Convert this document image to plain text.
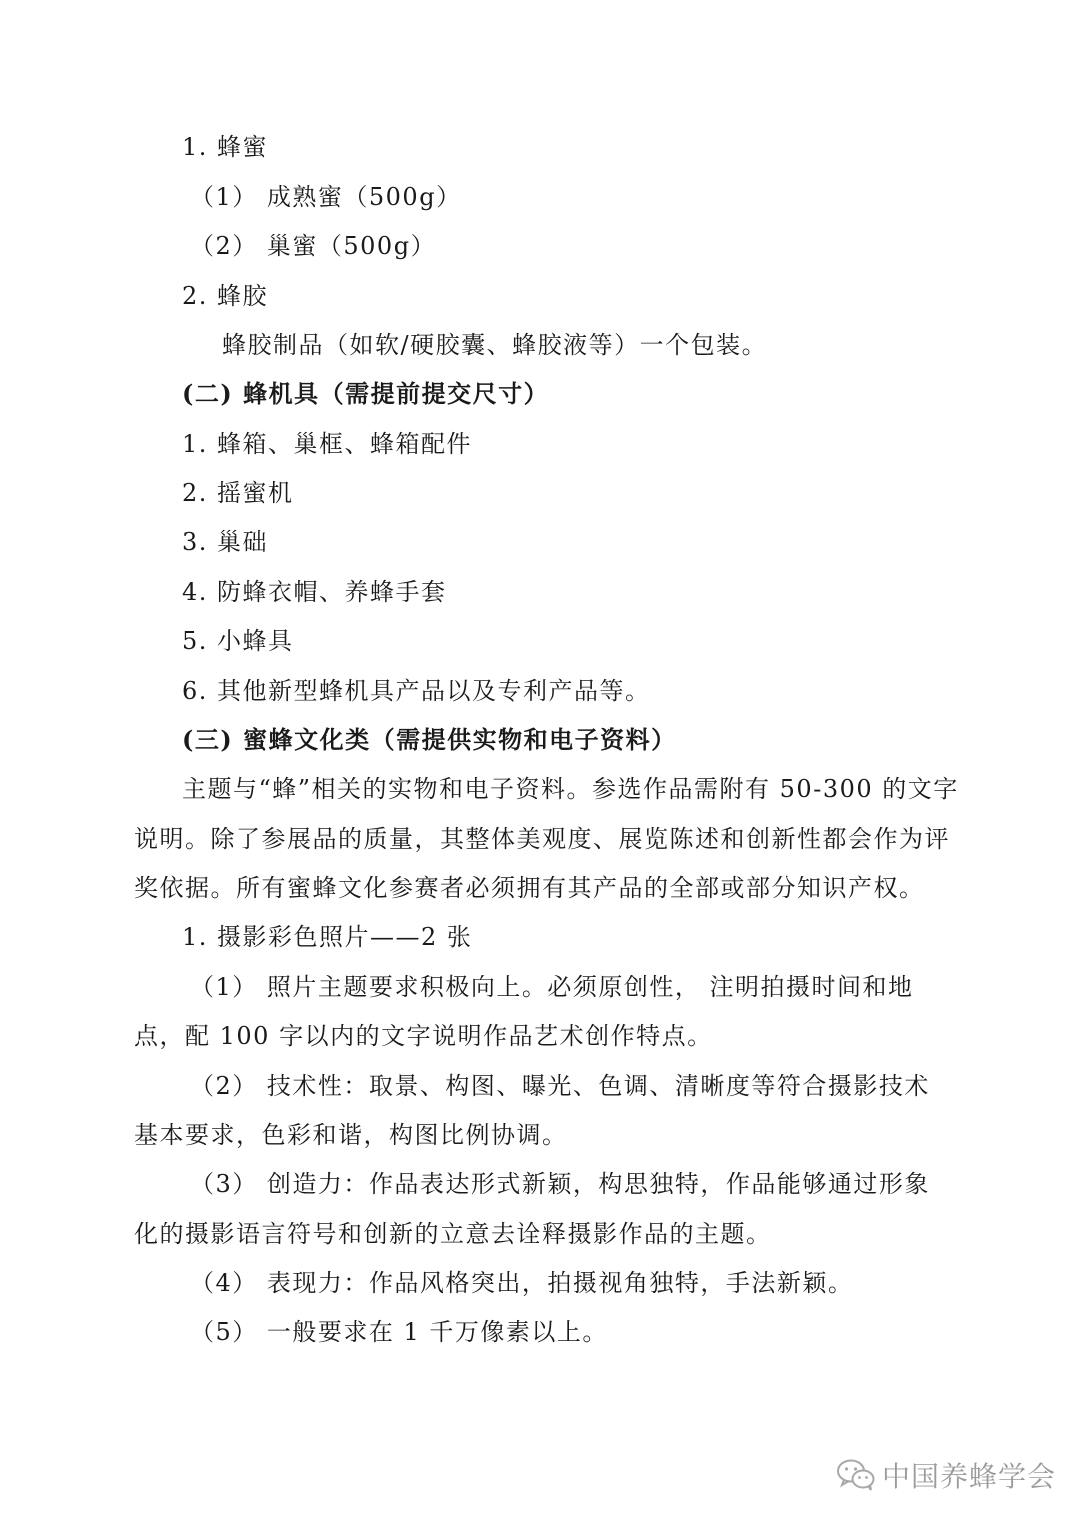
1. 蜂蜜
（1） 成熟蜜（500g）
（2） 巢蜜（500g）
2. 蜂胶
蜂胶制品（如软/硬胶囊、蜂胶液等）一个包装。
(二) 蜂机具（需提前提交尺寸）
1. 蜂箱、巢框、蜂箱配件
2. 摇蜜机
3. 巢础
4. 防蜂衣帽、养蜂手套
5. 小蜂具
6. 其他新型蜂机具产品以及专利产品等。
(三) 蜜蜂文化类（需提供实物和电子资料）
主题与“蜂”相关的实物和电子资料。参选作品需附有 50-300 的文字
说明。除了参展品的质量，其整体美观度、展览陈述和创新性都会作为评
奖依据。所有蜜蜂文化参赛者必须拥有其产品的全部或部分知识产权。
1. 摄影彩色照片——2 张
（1） 照片主题要求积极向上。必须原创性， 注明拍摄时间和地
点，配 100 字以内的文字说明作品艺术创作特点。
（2） 技术性：取景、构图、曝光、色调、清晰度等符合摄影技术
基本要求，色彩和谐，构图比例协调。
（3） 创造力：作品表达形式新颖，构思独特，作品能够通过形象
化的摄影语言符号和创新的立意去诠释摄影作品的主题。
（4） 表现力：作品风格突出，拍摄视角独特，手法新颖。
（5） 一般要求在 1 千万像素以上。
中国养蜂学会
